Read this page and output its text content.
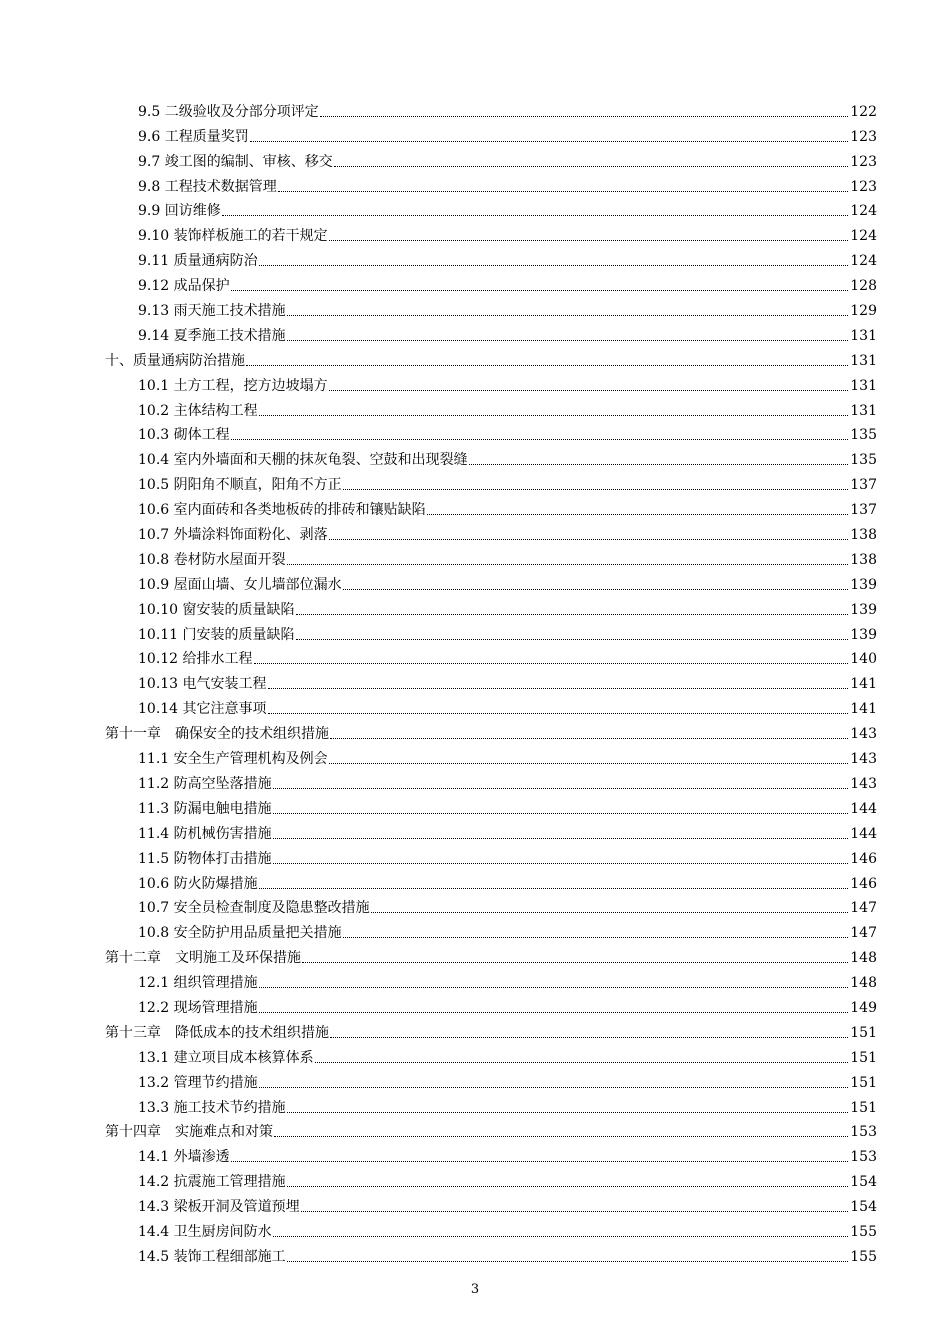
9.5 二级验收及分部分项评定	122
9.6 工程质量奖罚	123
9.7 竣工图的编制、审核、移交	123
9.8 工程技术数据管理	123
9.9 回访维修	124
9.10 装饰样板施工的若干规定	124
9.11 质量通病防治	124
9.12 成品保护	128
9.13 雨天施工技术措施	129
9.14 夏季施工技术措施	131
十、质量通病防治措施	131
10.1 土方工程，挖方边坡塌方	131
10.2 主体结构工程	131
10.3 砌体工程	135
10.4 室内外墙面和天棚的抹灰龟裂、空鼓和出现裂缝	135
10.5 阴阳角不顺直，阳角不方正	137
10.6 室内面砖和各类地板砖的排砖和镶贴缺陷	137
10.7 外墙涂料饰面粉化、剥落	138
10.8 卷材防水屋面开裂	138
10.9 屋面山墙、女儿墙部位漏水	139
10.10 窗安装的质量缺陷	139
10.11 门安装的质量缺陷	139
10.12 给排水工程	140
10.13 电气安装工程	141
10.14 其它注意事项	141
第十一章　确保安全的技术组织措施	143
11.1 安全生产管理机构及例会	143
11.2 防高空坠落措施	143
11.3 防漏电触电措施	144
11.4 防机械伤害措施	144
11.5 防物体打击措施	146
10.6 防火防爆措施	146
10.7 安全员检查制度及隐患整改措施	147
10.8 安全防护用品质量把关措施	147
第十二章　文明施工及环保措施	148
12.1 组织管理措施	148
12.2 现场管理措施	149
第十三章　降低成本的技术组织措施	151
13.1 建立项目成本核算体系	151
13.2 管理节约措施	151
13.3 施工技术节约措施	151
第十四章　实施难点和对策	153
14.1 外墙渗透	153
14.2 抗震施工管理措施	154
14.3 梁板开洞及管道预埋	154
14.4 卫生厨房间防水	155
14.5 装饰工程细部施工	155
3
